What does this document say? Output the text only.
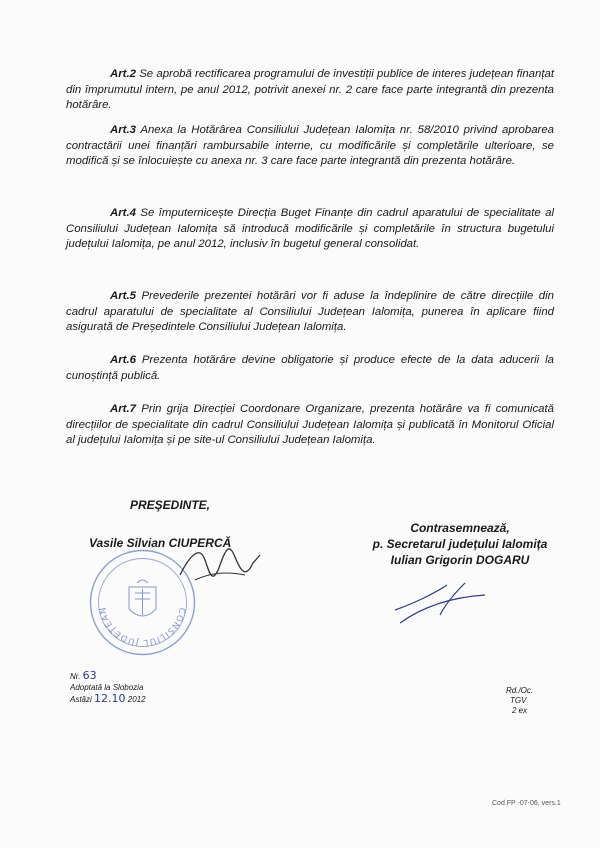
Art.2 Se aprobă rectificarea programului de investiții publice de interes județean finanțat din împrumutul intern, pe anul 2012, potrivit anexei nr. 2 care face parte integrantă din prezenta hotărâre.

Art.3 Anexa la Hotărârea Consiliului Județean Ialomița nr. 58/2010 privind aprobarea contractării unei finanțări rambursabile interne, cu modificările și completările ulterioare, se modifică și se înlocuiește cu anexa nr. 3 care face parte integrantă din prezenta hotărâre.

Art.4 Se împuternicește Direcția Buget Finanțe din cadrul aparatului de specialitate al Consiliului Județean Ialomița să introducă modificările și completările în structura bugetului județului Ialomița, pe anul 2012, inclusiv în bugetul general consolidat.

Art.5 Prevederile prezentei hotărâri vor fi aduse la îndeplinire de către direcțiile din cadrul aparatului de specialitate al Consiliului Județean Ialomița, punerea în aplicare fiind asigurată de Președintele Consiliului Județean Ialomița.

Art.6 Prezenta hotărâre devine obligatorie și produce efecte de la data aducerii la cunoștință publică.

Art.7 Prin grija Direcției Coordonare Organizare, prezenta hotărâre va fi comunicată direcțiilor de specialitate din cadrul Consiliului Județean Ialomița și publicată în Monitorul Oficial al județului Ialomița și pe site-ul Consiliului Județean Ialomița.

PREŞEDINTE,
Vasile Silvian CIUPERCĂ
CONSILIUL JUDEȚEAN
Contrasemnează,
p. Secretarul județului Ialomița
Iulian Grigorin DOGARU
Nr. 63
Adoptată la Slobozia
Astăzi 12.10 2012
Rd./Oc.
TGV
2 ex
Cod FP -07-06, vers.1
